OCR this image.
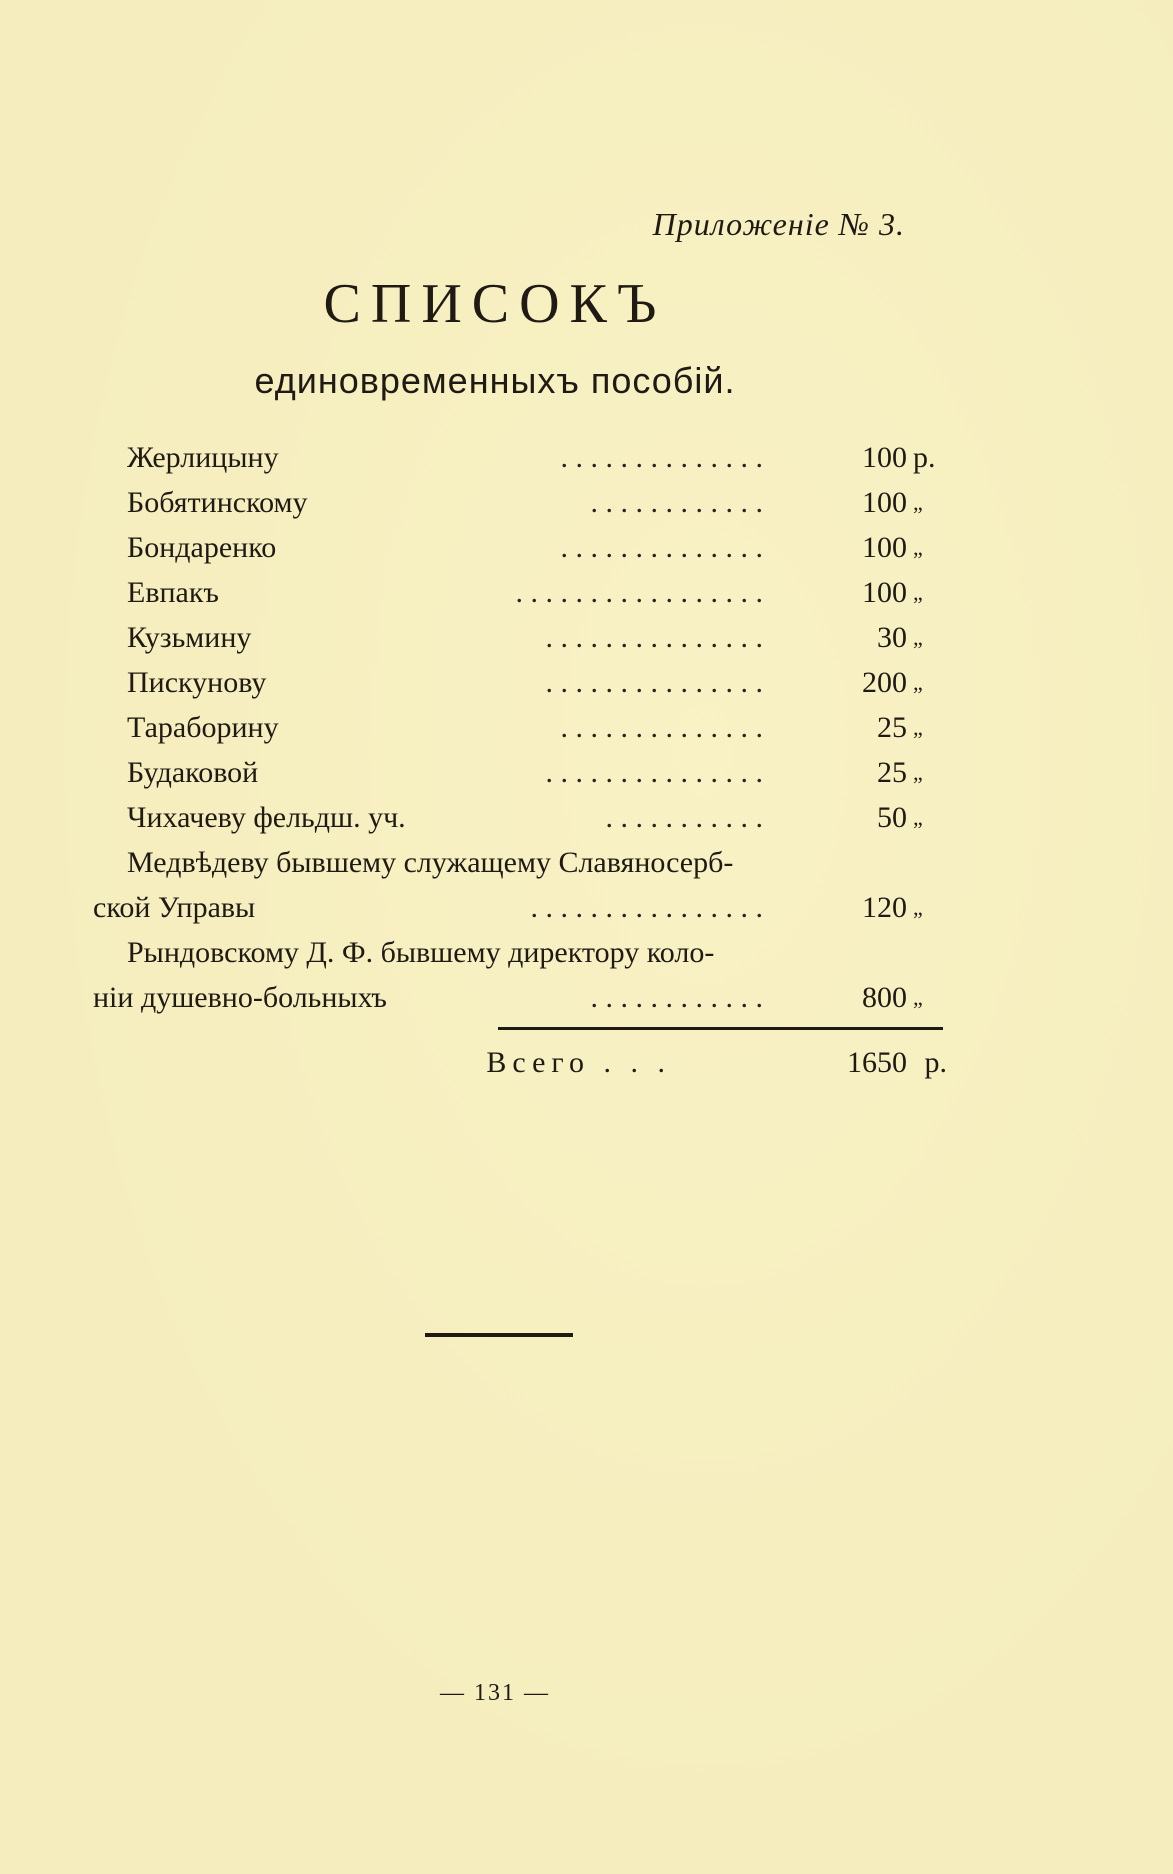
Приложеніе № 3.
СПИСОКЪ
единовременныхъ пособій.
Жерлицыну	. . . . . . . . . . . . . .	100 р.
Бобятинскому	. . . . . . . . . . . .	100 „
Бондаренко	. . . . . . . . . . . . . .	100 „
Евпакъ	. . . . . . . . . . . . . . . . .	100 „
Кузьмину	. . . . . . . . . . . . . . .	30 „
Пискунову	. . . . . . . . . . . . . . .	200 „
Тараборину	. . . . . . . . . . . . . .	25 „
Будаковой	. . . . . . . . . . . . . . .	25 „
Чихачеву фельдш. уч.	. . . . . . . . . . .	50 „
Медвѣдеву бывшему служащему Славяносерб-
ской Управы	. . . . . . . . . . . . . . . .	120 „
Рындовскому Д. Ф. бывшему директору коло-
ніи душевно-больныхъ	. . . . . . . . . . . .	800 „
Всего . . .	1650 р.
— 131 —
